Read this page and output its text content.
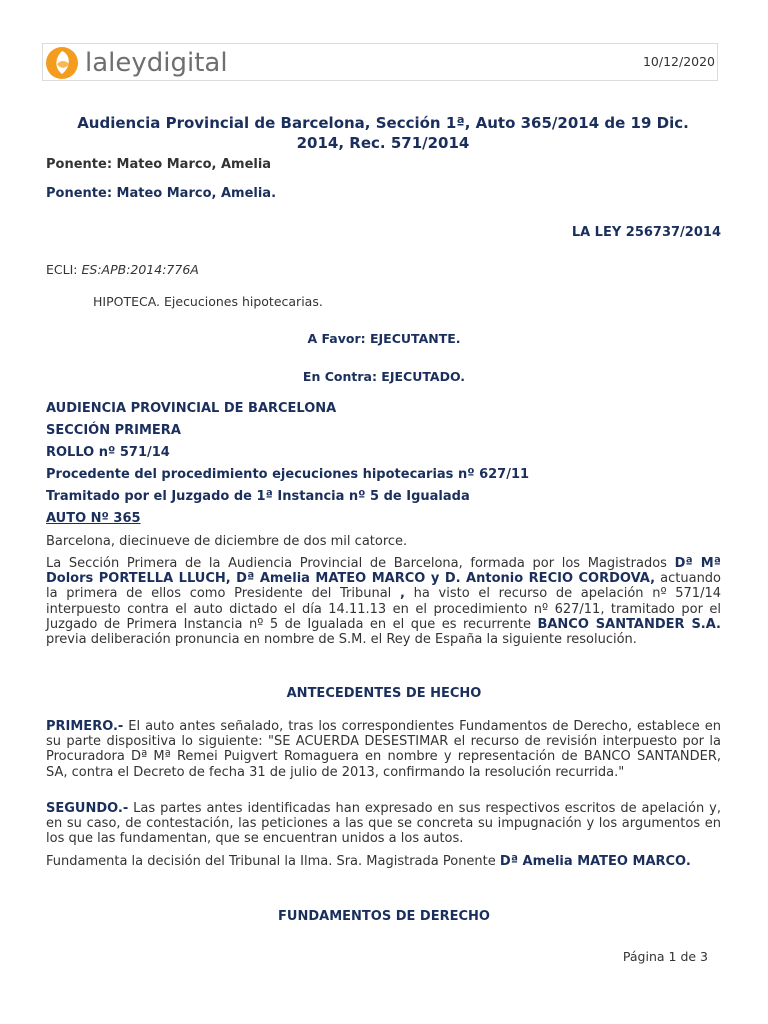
laleydigital	10/12/2020
Audiencia Provincial de Barcelona, Sección 1ª, Auto 365/2014 de 19 Dic.
2014, Rec. 571/2014
Ponente: Mateo Marco, Amelia
Ponente: Mateo Marco, Amelia.
LA LEY 256737/2014
ECLI: ES:APB:2014:776A
HIPOTECA. Ejecuciones hipotecarias.
A Favor: EJECUTANTE.
En Contra: EJECUTADO.
AUDIENCIA PROVINCIAL DE BARCELONA
SECCIÓN PRIMERA
ROLLO nº 571/14
Procedente del procedimiento ejecuciones hipotecarias nº 627/11
Tramitado por el Juzgado de 1ª Instancia nº 5 de Igualada
AUTO Nº 365
Barcelona, diecinueve de diciembre de dos mil catorce.
La Sección Primera de la Audiencia Provincial de Barcelona, formada por los Magistrados Dª Mª Dolors PORTELLA LLUCH, Dª Amelia MATEO MARCO y D. Antonio RECIO CORDOVA, actuando la primera de ellos como Presidente del Tribunal , ha visto el recurso de apelación nº 571/14 interpuesto contra el auto dictado el día 14.11.13 en el procedimiento nº 627/11, tramitado por el Juzgado de Primera Instancia nº 5 de Igualada en el que es recurrente BANCO SANTANDER S.A. previa deliberación pronuncia en nombre de S.M. el Rey de España la siguiente resolución.
ANTECEDENTES DE HECHO
PRIMERO.- El auto antes señalado, tras los correspondientes Fundamentos de Derecho, establece en su parte dispositiva lo siguiente: "SE ACUERDA DESESTIMAR el recurso de revisión interpuesto por la Procuradora Dª Mª Remei Puigvert Romaguera en nombre y representación de BANCO SANTANDER, SA, contra el Decreto de fecha 31 de julio de 2013, confirmando la resolución recurrida."
SEGUNDO.- Las partes antes identificadas han expresado en sus respectivos escritos de apelación y, en su caso, de contestación, las peticiones a las que se concreta su impugnación y los argumentos en los que las fundamentan, que se encuentran unidos a los autos.
Fundamenta la decisión del Tribunal la Ilma. Sra. Magistrada Ponente Dª Amelia MATEO MARCO.
FUNDAMENTOS DE DERECHO
Página 1 de 3
